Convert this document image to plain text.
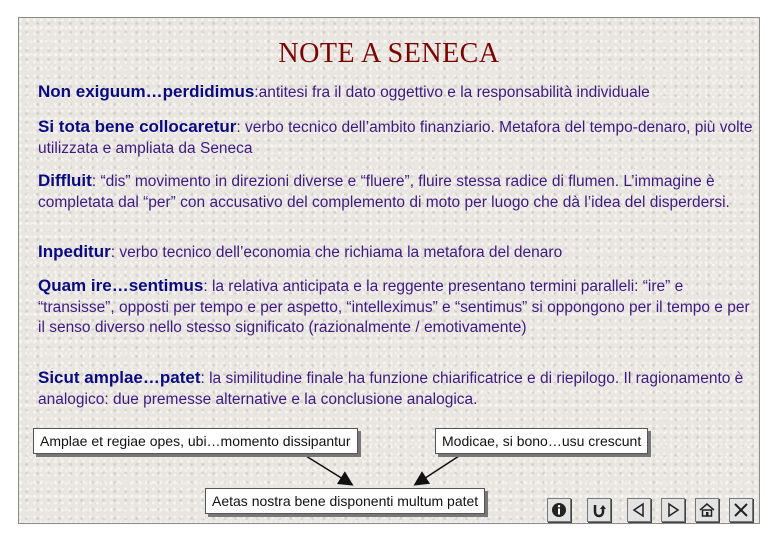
NOTE A SENECA
Non exiguum…perdidimus:antitesi fra il dato oggettivo e la responsabilità individuale
Si tota bene collocaretur: verbo tecnico dell’ambito finanziario. Metafora del tempo-denaro, più volte utilizzata e ampliata da Seneca
Diffluit: “dis” movimento in direzioni diverse e “fluere”, fluire stessa radice di flumen. L’immagine è completata dal “per” con accusativo del complemento di moto per luogo che dà l’idea del disperdersi.
Inpeditur: verbo tecnico dell’economia che richiama la metafora del denaro
Quam ire…sentimus: la relativa anticipata e la reggente presentano termini paralleli: “ire” e “transisse”, opposti per tempo e per aspetto, “intelleximus” e “sentimus” si oppongono per il tempo e per il senso diverso nello stesso significato (razionalmente / emotivamente)
Sicut amplae…patet: la similitudine finale ha funzione chiarificatrice e di riepilogo. Il ragionamento è analogico: due premesse alternative e la conclusione analogica.
Amplae et regiae opes, ubi…momento dissipantur	Modicae, si bono…usu crescunt
Aetas nostra bene disponenti multum patet
